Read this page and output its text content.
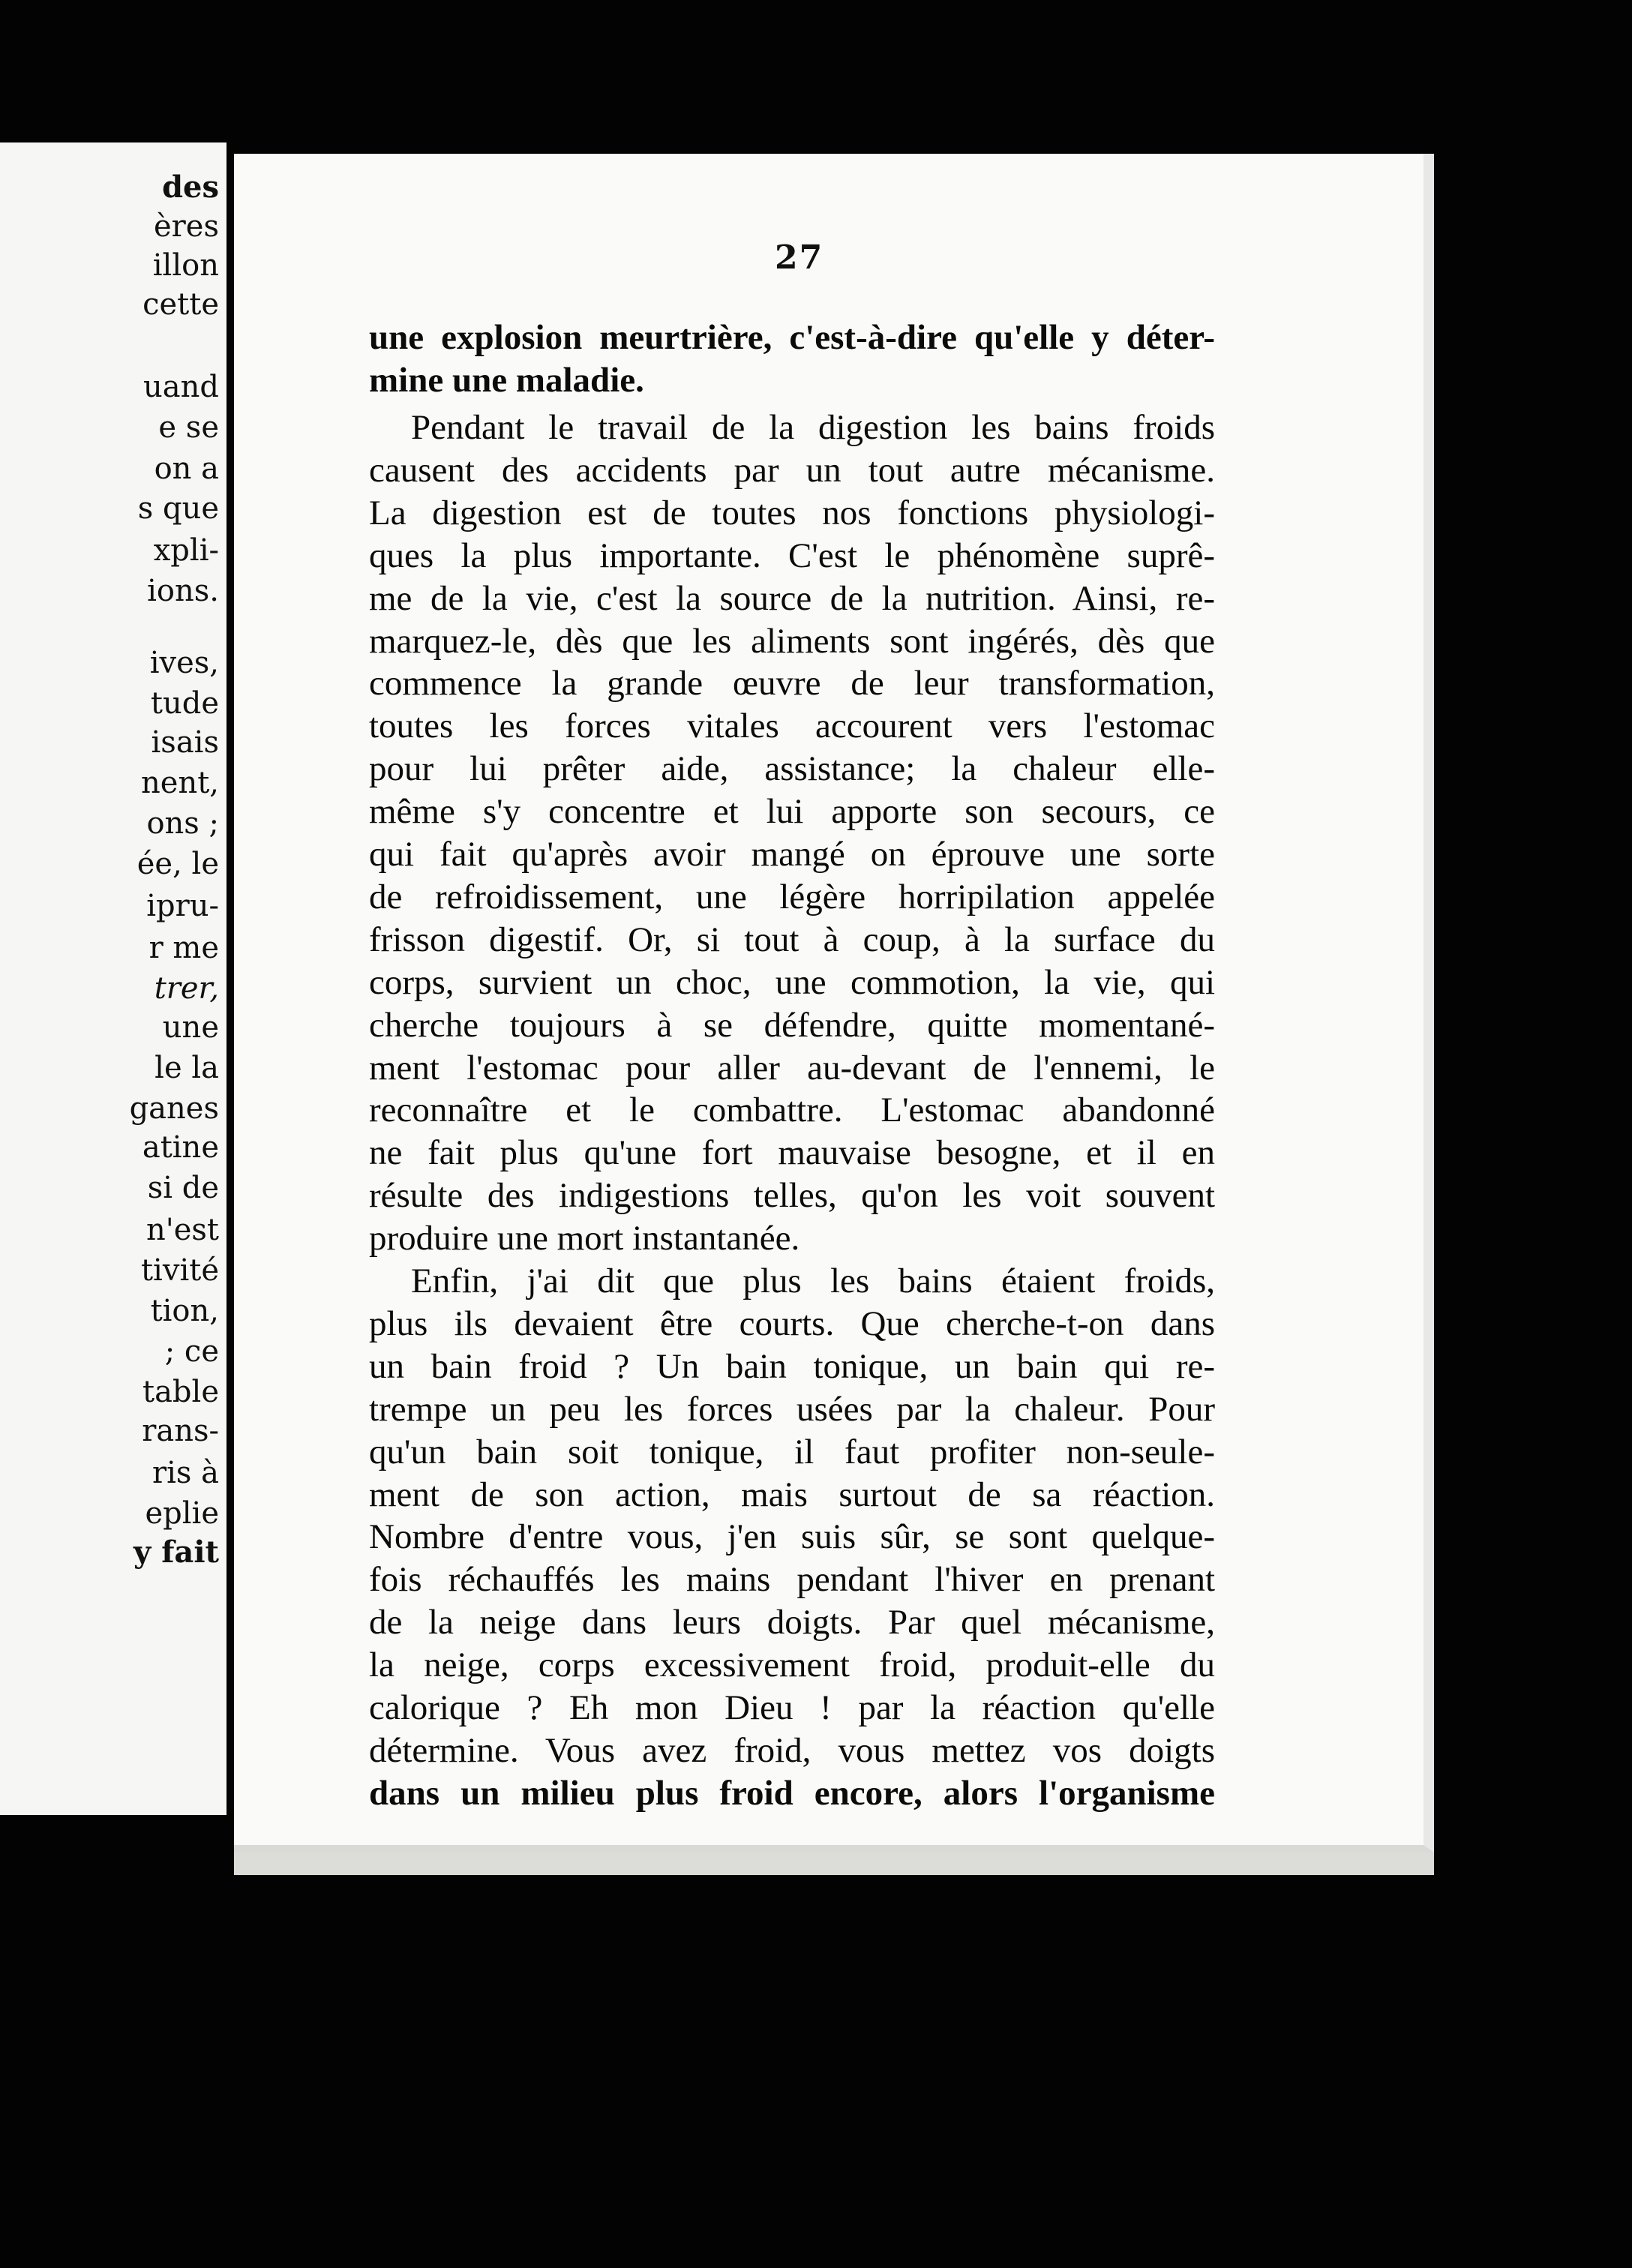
des

ères

illon

cette

uand

e se

on a

s que

xpli-

ions.

ives,

tude

isais

nent,

ons ;

ée, le

ipru-

r me

trer,

une

le la

ganes

atine

si de

n'est

tivité

tion,

; ce

table

rans-

ris à

eplie

y fait

27

une explosion meurtrière, c'est-à-dire qu'elle y déter-

mine une maladie.

Pendant le travail de la digestion les bains froids

causent des accidents par un tout autre mécanisme.

La digestion est de toutes nos fonctions physiologi-

ques la plus importante. C'est le phénomène suprê-

me de la vie, c'est la source de la nutrition. Ainsi, re-

marquez-le, dès que les aliments sont ingérés, dès que

commence la grande œuvre de leur transformation,

toutes les forces vitales accourent vers l'estomac

pour lui prêter aide, assistance; la chaleur elle-

même s'y concentre et lui apporte son secours, ce

qui fait qu'après avoir mangé on éprouve une sorte

de refroidissement, une légère horripilation appelée

frisson digestif. Or, si tout à coup, à la surface du

corps, survient un choc, une commotion, la vie, qui

cherche toujours à se défendre, quitte momentané-

ment l'estomac pour aller au-devant de l'ennemi, le

reconnaître et le combattre. L'estomac abandonné

ne fait plus qu'une fort mauvaise besogne, et il en

résulte des indigestions telles, qu'on les voit souvent

produire une mort instantanée.

Enfin, j'ai dit que plus les bains étaient froids,

plus ils devaient être courts. Que cherche-t-on dans

un bain froid ? Un bain tonique, un bain qui re-

trempe un peu les forces usées par la chaleur. Pour

qu'un bain soit tonique, il faut profiter non-seule-

ment de son action, mais surtout de sa réaction.

Nombre d'entre vous, j'en suis sûr, se sont quelque-

fois réchauffés les mains pendant l'hiver en prenant

de la neige dans leurs doigts. Par quel mécanisme,

la neige, corps excessivement froid, produit-elle du

calorique ? Eh mon Dieu ! par la réaction qu'elle

détermine. Vous avez froid, vous mettez vos doigts

dans un milieu plus froid encore, alors l'organisme
